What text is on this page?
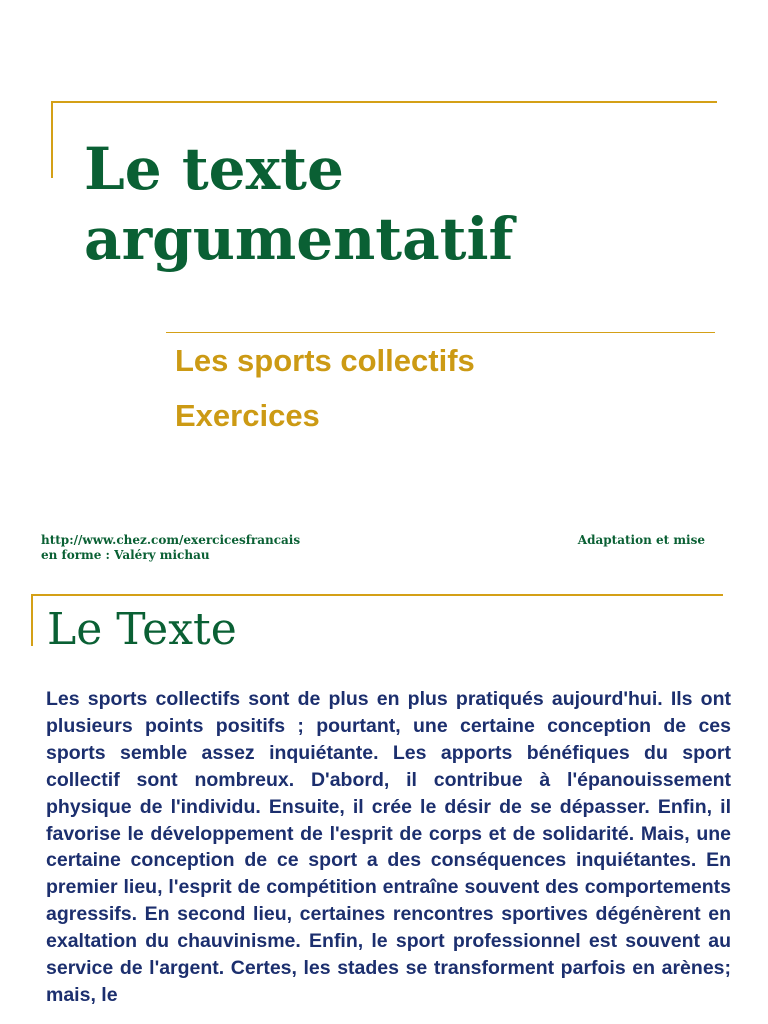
Le texte
argumentatif

Les sports collectifs

Exercices

http://www.chez.com/exercicesfrancais	Adaptation et mise
en forme : Valéry michau
Le Texte

Les sports collectifs sont de plus en plus pratiqués aujourd'hui. Ils ont plusieurs points positifs ; pourtant, une certaine conception de ces sports semble assez inquiétante. Les apports bénéfiques du sport collectif sont nombreux. D'abord, il contribue à l'épanouissement physique de l'individu. Ensuite, il crée le désir de se dépasser. Enfin, il favorise le développement de l'esprit de corps et de solidarité. Mais, une certaine conception de ce sport a des conséquences inquiétantes. En premier lieu, l'esprit de compétition entraîne souvent des comportements agressifs. En second lieu, certaines rencontres sportives dégénèrent en exaltation du chauvinisme. Enfin, le sport professionnel est souvent au service de l'argent. Certes, les stades se transforment parfois en arènes; mais, le
